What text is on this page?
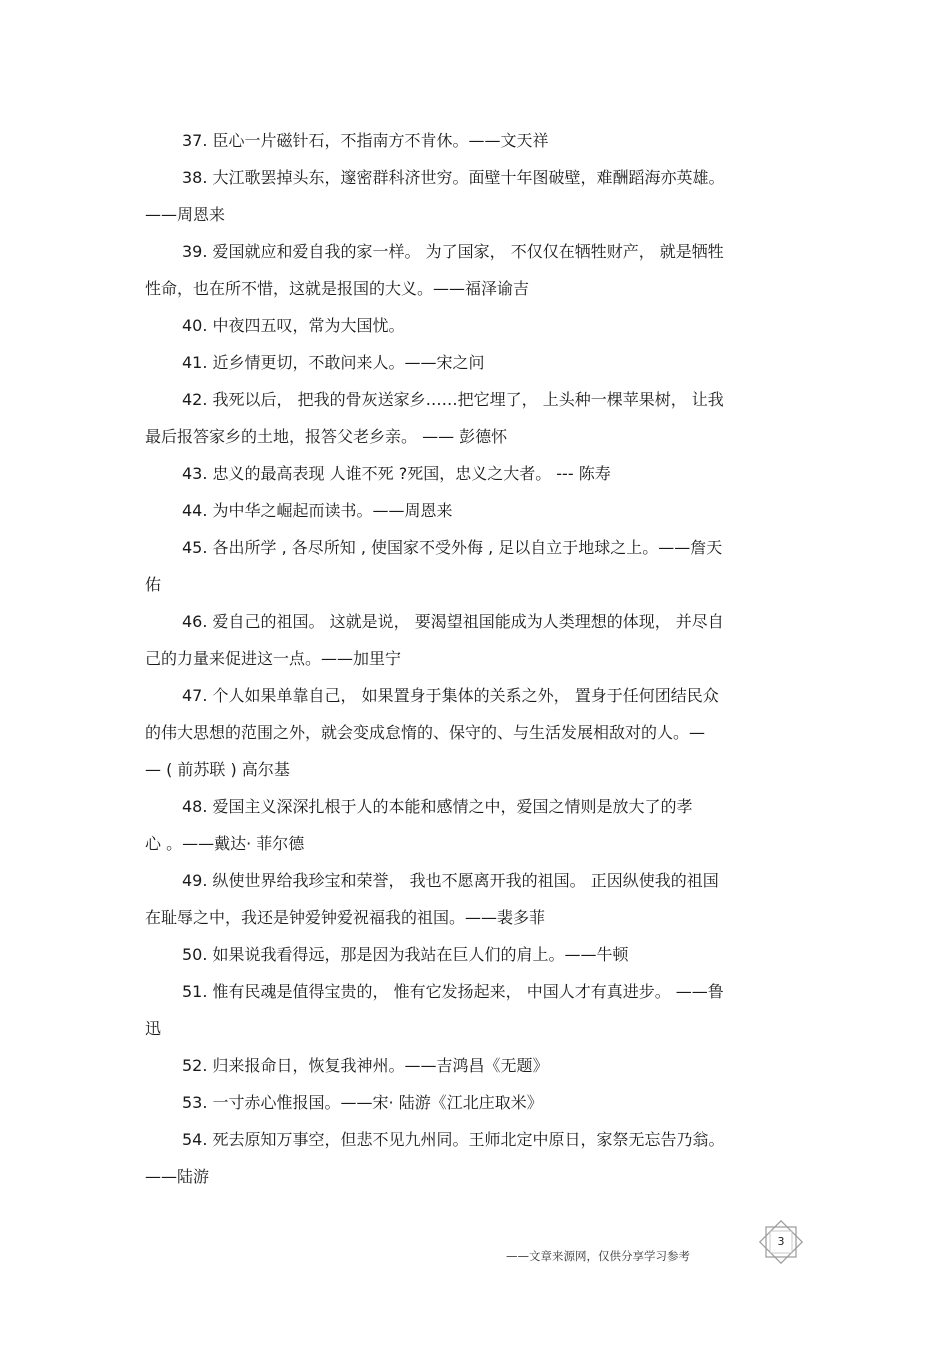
37. 臣心一片磁针石，不指南方不肯休。——文天祥
38. 大江歌罢掉头东，邃密群科济世穷。面壁十年图破壁，难酬蹈海亦英雄。
——周恩来
39. 爱国就应和爱自我的家一样。 为了国家， 不仅仅在牺牲财产， 就是牺牲
性命，也在所不惜，这就是报国的大义。——福泽谕吉
40. 中夜四五叹，常为大国忧。
41. 近乡情更切，不敢问来人。——宋之问
42. 我死以后， 把我的骨灰送家乡……把它埋了， 上头种一棵苹果树， 让我
最后报答家乡的土地，报答父老乡亲。 —— 彭德怀
43. 忠义的最高表现 人谁不死 ?死国，忠义之大者。 --- 陈寿
44. 为中华之崛起而读书。——周恩来
45. 各出所学 , 各尽所知 , 使国家不受外侮 , 足以自立于地球之上。——詹天
佑
46. 爱自己的祖国。 这就是说， 要渴望祖国能成为人类理想的体现， 并尽自
己的力量来促进这一点。——加里宁
47. 个人如果单靠自己， 如果置身于集体的关系之外， 置身于任何团结民众
的伟大思想的范围之外，就会变成怠惰的、保守的、与生活发展相敌对的人。—
— ( 前苏联 ) 高尔基
48. 爱国主义深深扎根于人的本能和感情之中，爱国之情则是放大了的孝
心 。——戴达· 菲尔德
49. 纵使世界给我珍宝和荣誉， 我也不愿离开我的祖国。 正因纵使我的祖国
在耻辱之中，我还是钟爱钟爱祝福我的祖国。——裴多菲
50. 如果说我看得远，那是因为我站在巨人们的肩上。——牛顿
51. 惟有民魂是值得宝贵的， 惟有它发扬起来， 中国人才有真进步。 ——鲁
迅
52. 归来报命日，恢复我神州。——吉鸿昌《无题》
53. 一寸赤心惟报国。——宋· 陆游《江北庄取米》
54. 死去原知万事空，但悲不见九州同。王师北定中原日，家祭无忘告乃翁。
——陆游
——文章来源网，仅供分享学习参考
3
